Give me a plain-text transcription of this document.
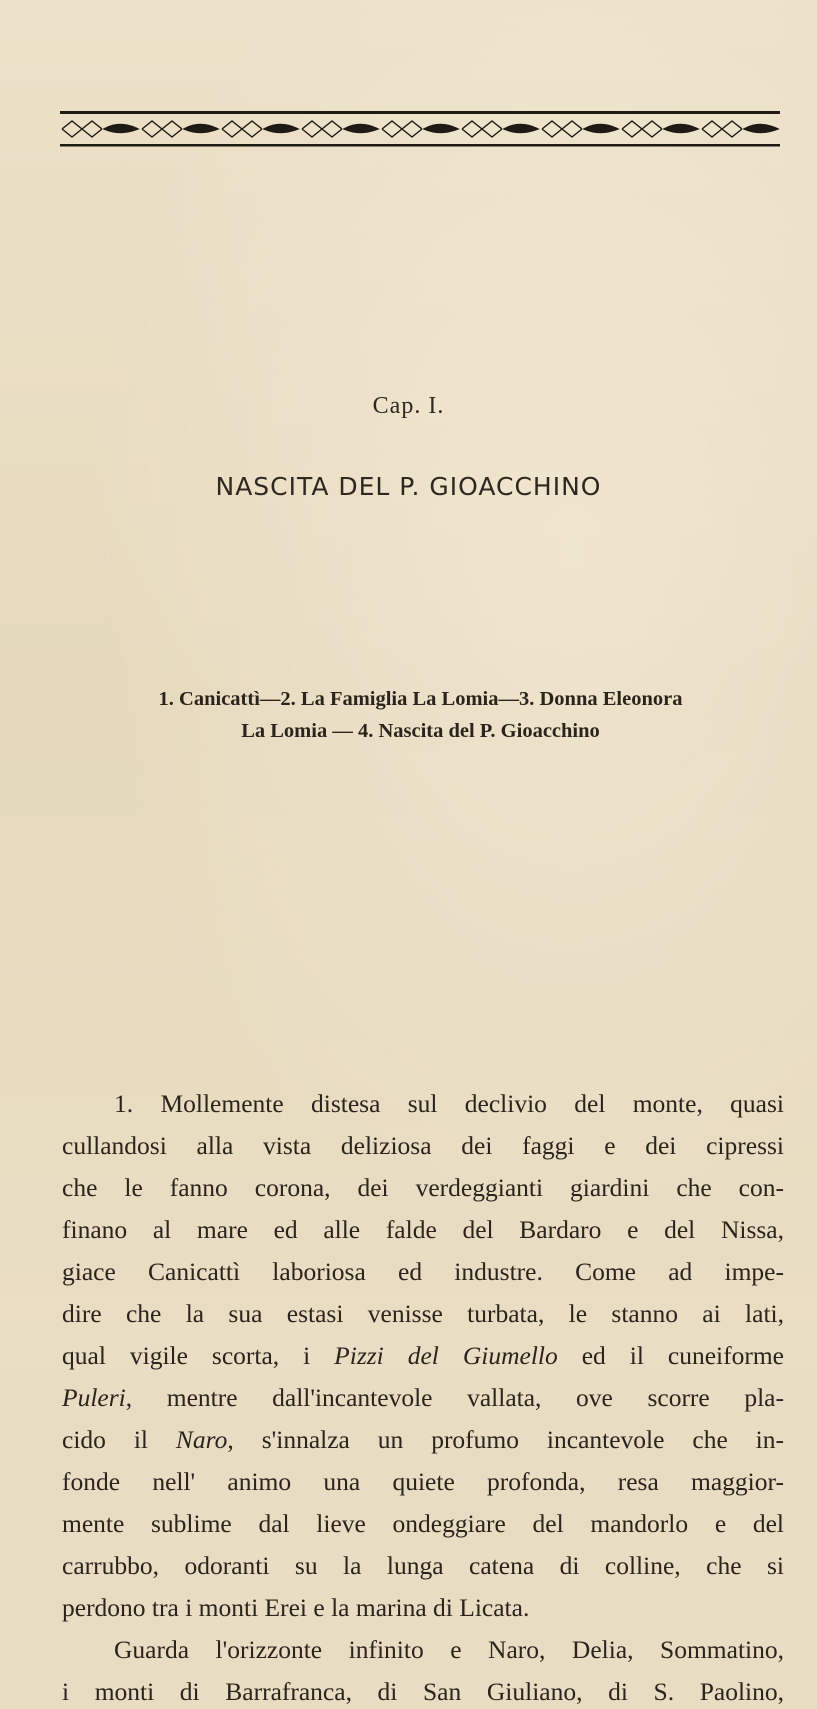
Cap. I.
NASCITA DEL P. GIOACCHINO
1. Canicattì—2. La Famiglia La Lomia—3. Donna Eleonora
La Lomia — 4. Nascita del P. Gioacchino
1. Mollemente distesa sul declivio del monte, quasi
cullandosi alla vista deliziosa dei faggi e dei cipressi
che le fanno corona, dei verdeggianti giardini che con-
finano al mare ed alle falde del Bardaro e del Nissa,
giace Canicattì laboriosa ed industre. Come ad impe-
dire che la sua estasi venisse turbata, le stanno ai lati,
qual vigile scorta, i Pizzi del Giumello ed il cuneiforme
Puleri, mentre dall'incantevole vallata, ove scorre pla-
cido il Naro, s'innalza un profumo incantevole che in-
fonde nell' animo una quiete profonda, resa maggior-
mente sublime dal lieve ondeggiare del mandorlo e del
carrubbo, odoranti su la lunga catena di colline, che si
perdono tra i monti Erei e la marina di Licata.
Guarda l'orizzonte infinito e Naro, Delia, Sommatino,
i monti di Barrafranca, di San Giuliano, di S. Paolino,
